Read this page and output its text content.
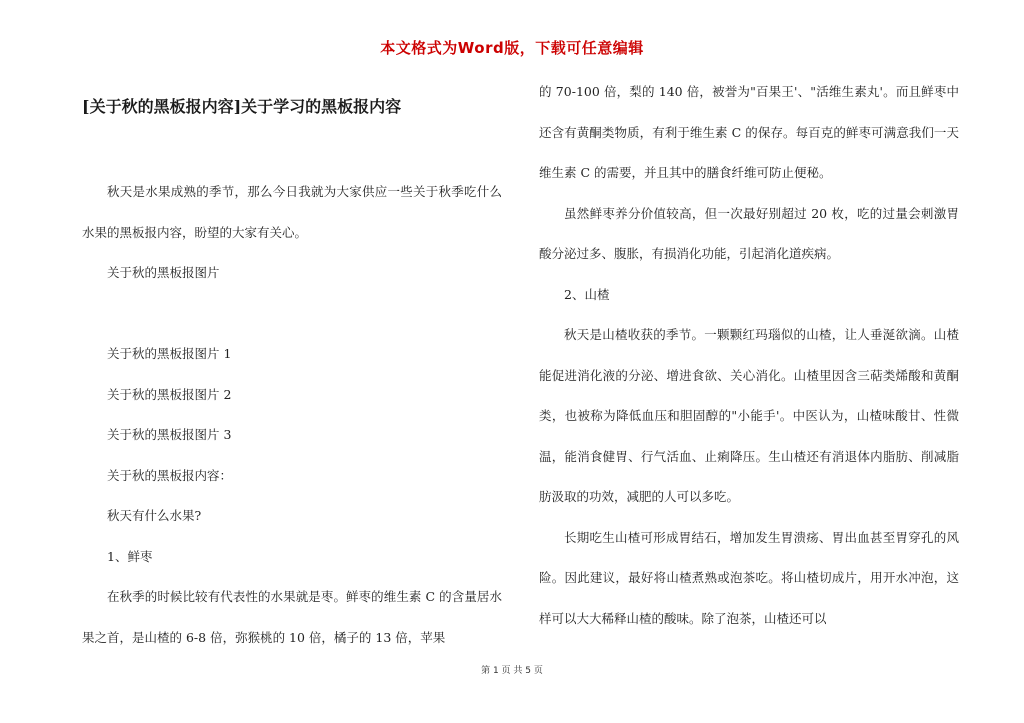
本文格式为Word版，下载可任意编辑
[关于秋的黑板报内容]关于学习的黑板报内容

秋天是水果成熟的季节，那么今日我就为大家供应一些关于秋季吃什么水果的黑板报内容，盼望的大家有关心。

关于秋的黑板报图片

关于秋的黑板报图片 1

关于秋的黑板报图片 2

关于秋的黑板报图片 3

关于秋的黑板报内容：

秋天有什么水果?

1、鲜枣

在秋季的时候比较有代表性的水果就是枣。鲜枣的维生素 C 的含量居水果之首，是山楂的 6-8 倍，弥猴桃的 10 倍，橘子的 13 倍，苹果

的 70-100 倍，梨的 140 倍，被誉为"百果王'、"活维生素丸'。而且鲜枣中还含有黄酮类物质，有利于维生素 C 的保存。每百克的鲜枣可满意我们一天维生素 C 的需要，并且其中的膳食纤维可防止便秘。

虽然鲜枣养分价值较高，但一次最好别超过 20 枚，吃的过量会刺激胃酸分泌过多、腹胀，有损消化功能，引起消化道疾病。

2、山楂

秋天是山楂收获的季节。一颗颗红玛瑙似的山楂，让人垂涎欲滴。山楂能促进消化液的分泌、增进食欲、关心消化。山楂里因含三萜类烯酸和黄酮类，也被称为降低血压和胆固醇的"小能手'。中医认为，山楂味酸甘、性微温，能消食健胃、行气活血、止痢降压。生山楂还有消退体内脂肪、削减脂肪汲取的功效，减肥的人可以多吃。

长期吃生山楂可形成胃结石，增加发生胃溃疡、胃出血甚至胃穿孔的风险。因此建议，最好将山楂煮熟或泡茶吃。将山楂切成片，用开水冲泡，这样可以大大稀释山楂的酸味。除了泡茶，山楂还可以

第 1 页 共 5 页
